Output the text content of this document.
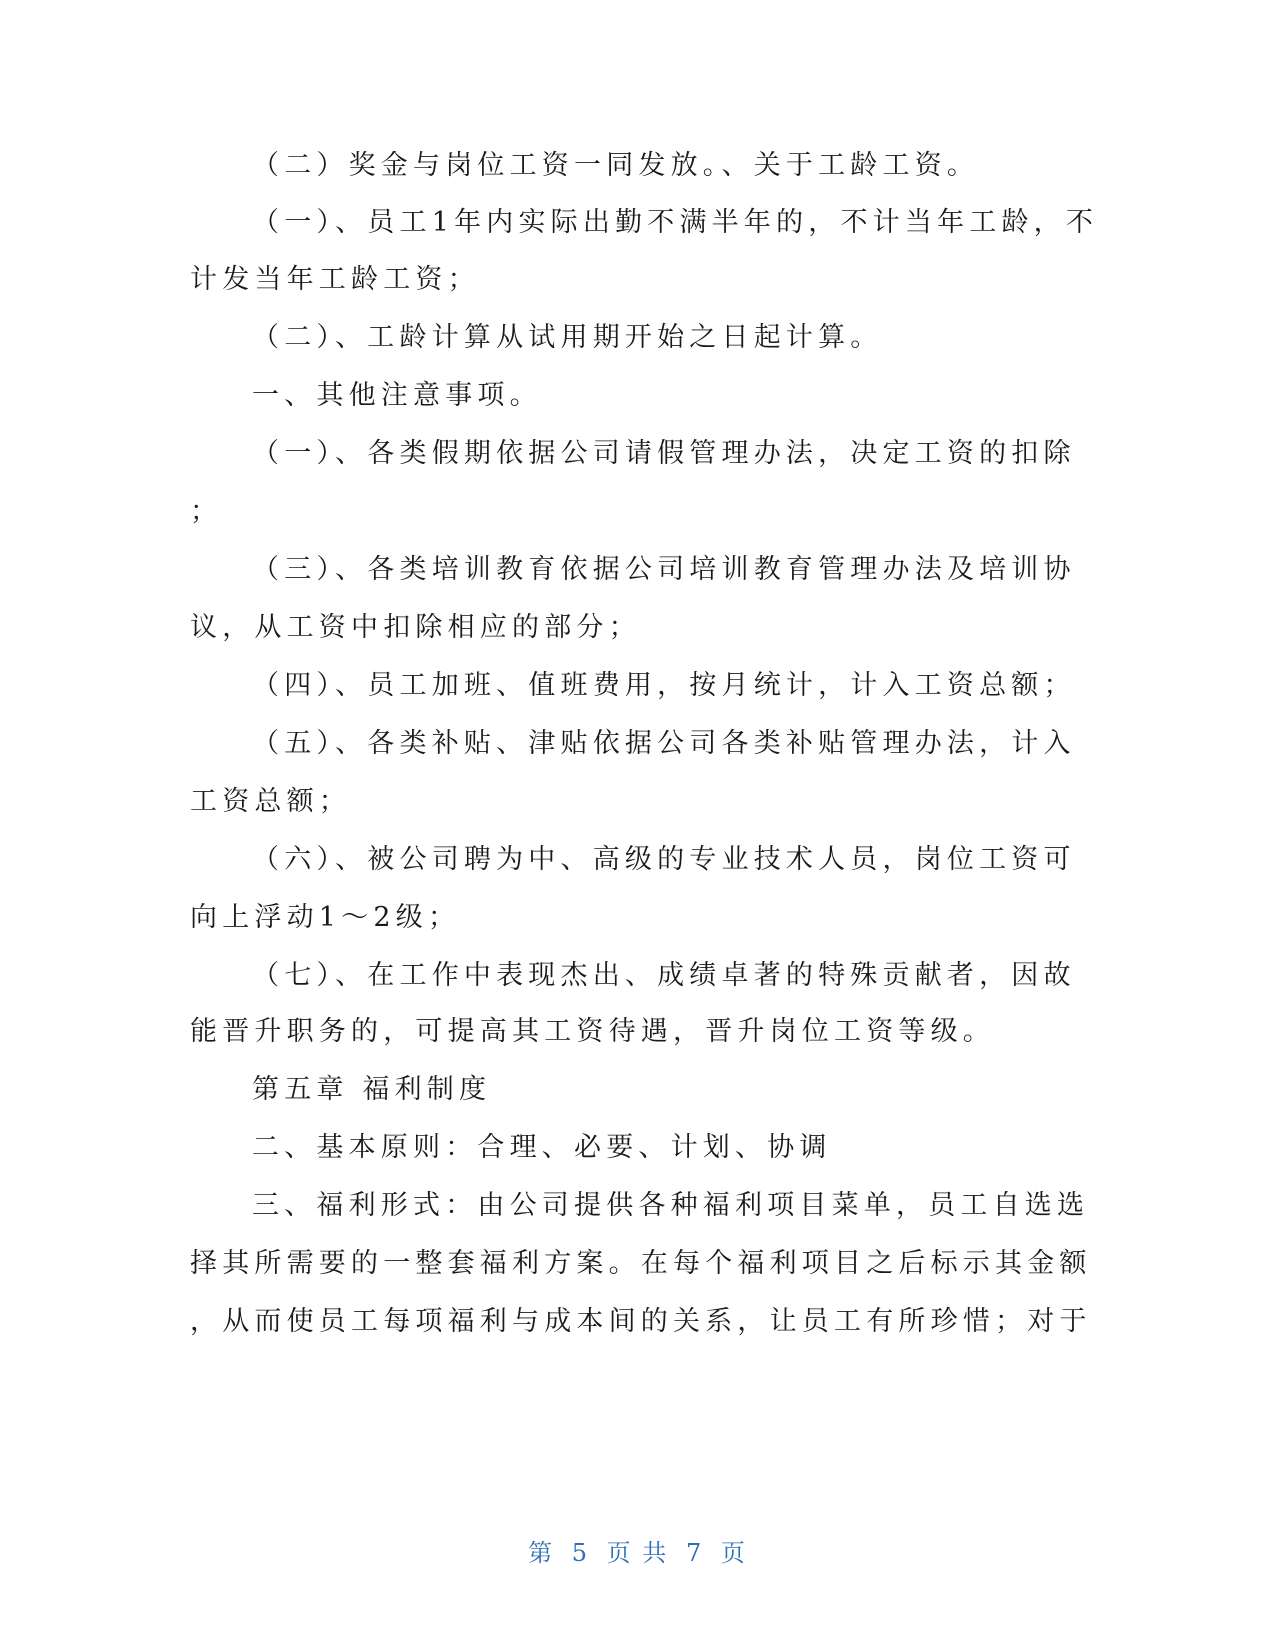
（二）奖金与岗位工资一同发放。、关于工龄工资。
（一）、员工1年内实际出勤不满半年的，不计当年工龄，不
计发当年工龄工资；
（二）、工龄计算从试用期开始之日起计算。
一、其他注意事项。
（一）、各类假期依据公司请假管理办法，决定工资的扣除
；
（三）、各类培训教育依据公司培训教育管理办法及培训协
议，从工资中扣除相应的部分；
（四）、员工加班、值班费用，按月统计，计入工资总额；
（五）、各类补贴、津贴依据公司各类补贴管理办法，计入
工资总额；
（六）、被公司聘为中、高级的专业技术人员，岗位工资可
向上浮动1～2级；
（七）、在工作中表现杰出、成绩卓著的特殊贡献者，因故
能晋升职务的，可提高其工资待遇，晋升岗位工资等级。
第五章 福利制度
二、基本原则：合理、必要、计划、协调
三、福利形式：由公司提供各种福利项目菜单，员工自选选
择其所需要的一整套福利方案。在每个福利项目之后标示其金额
，从而使员工每项福利与成本间的关系，让员工有所珍惜；对于
第 5 页 共 7 页
